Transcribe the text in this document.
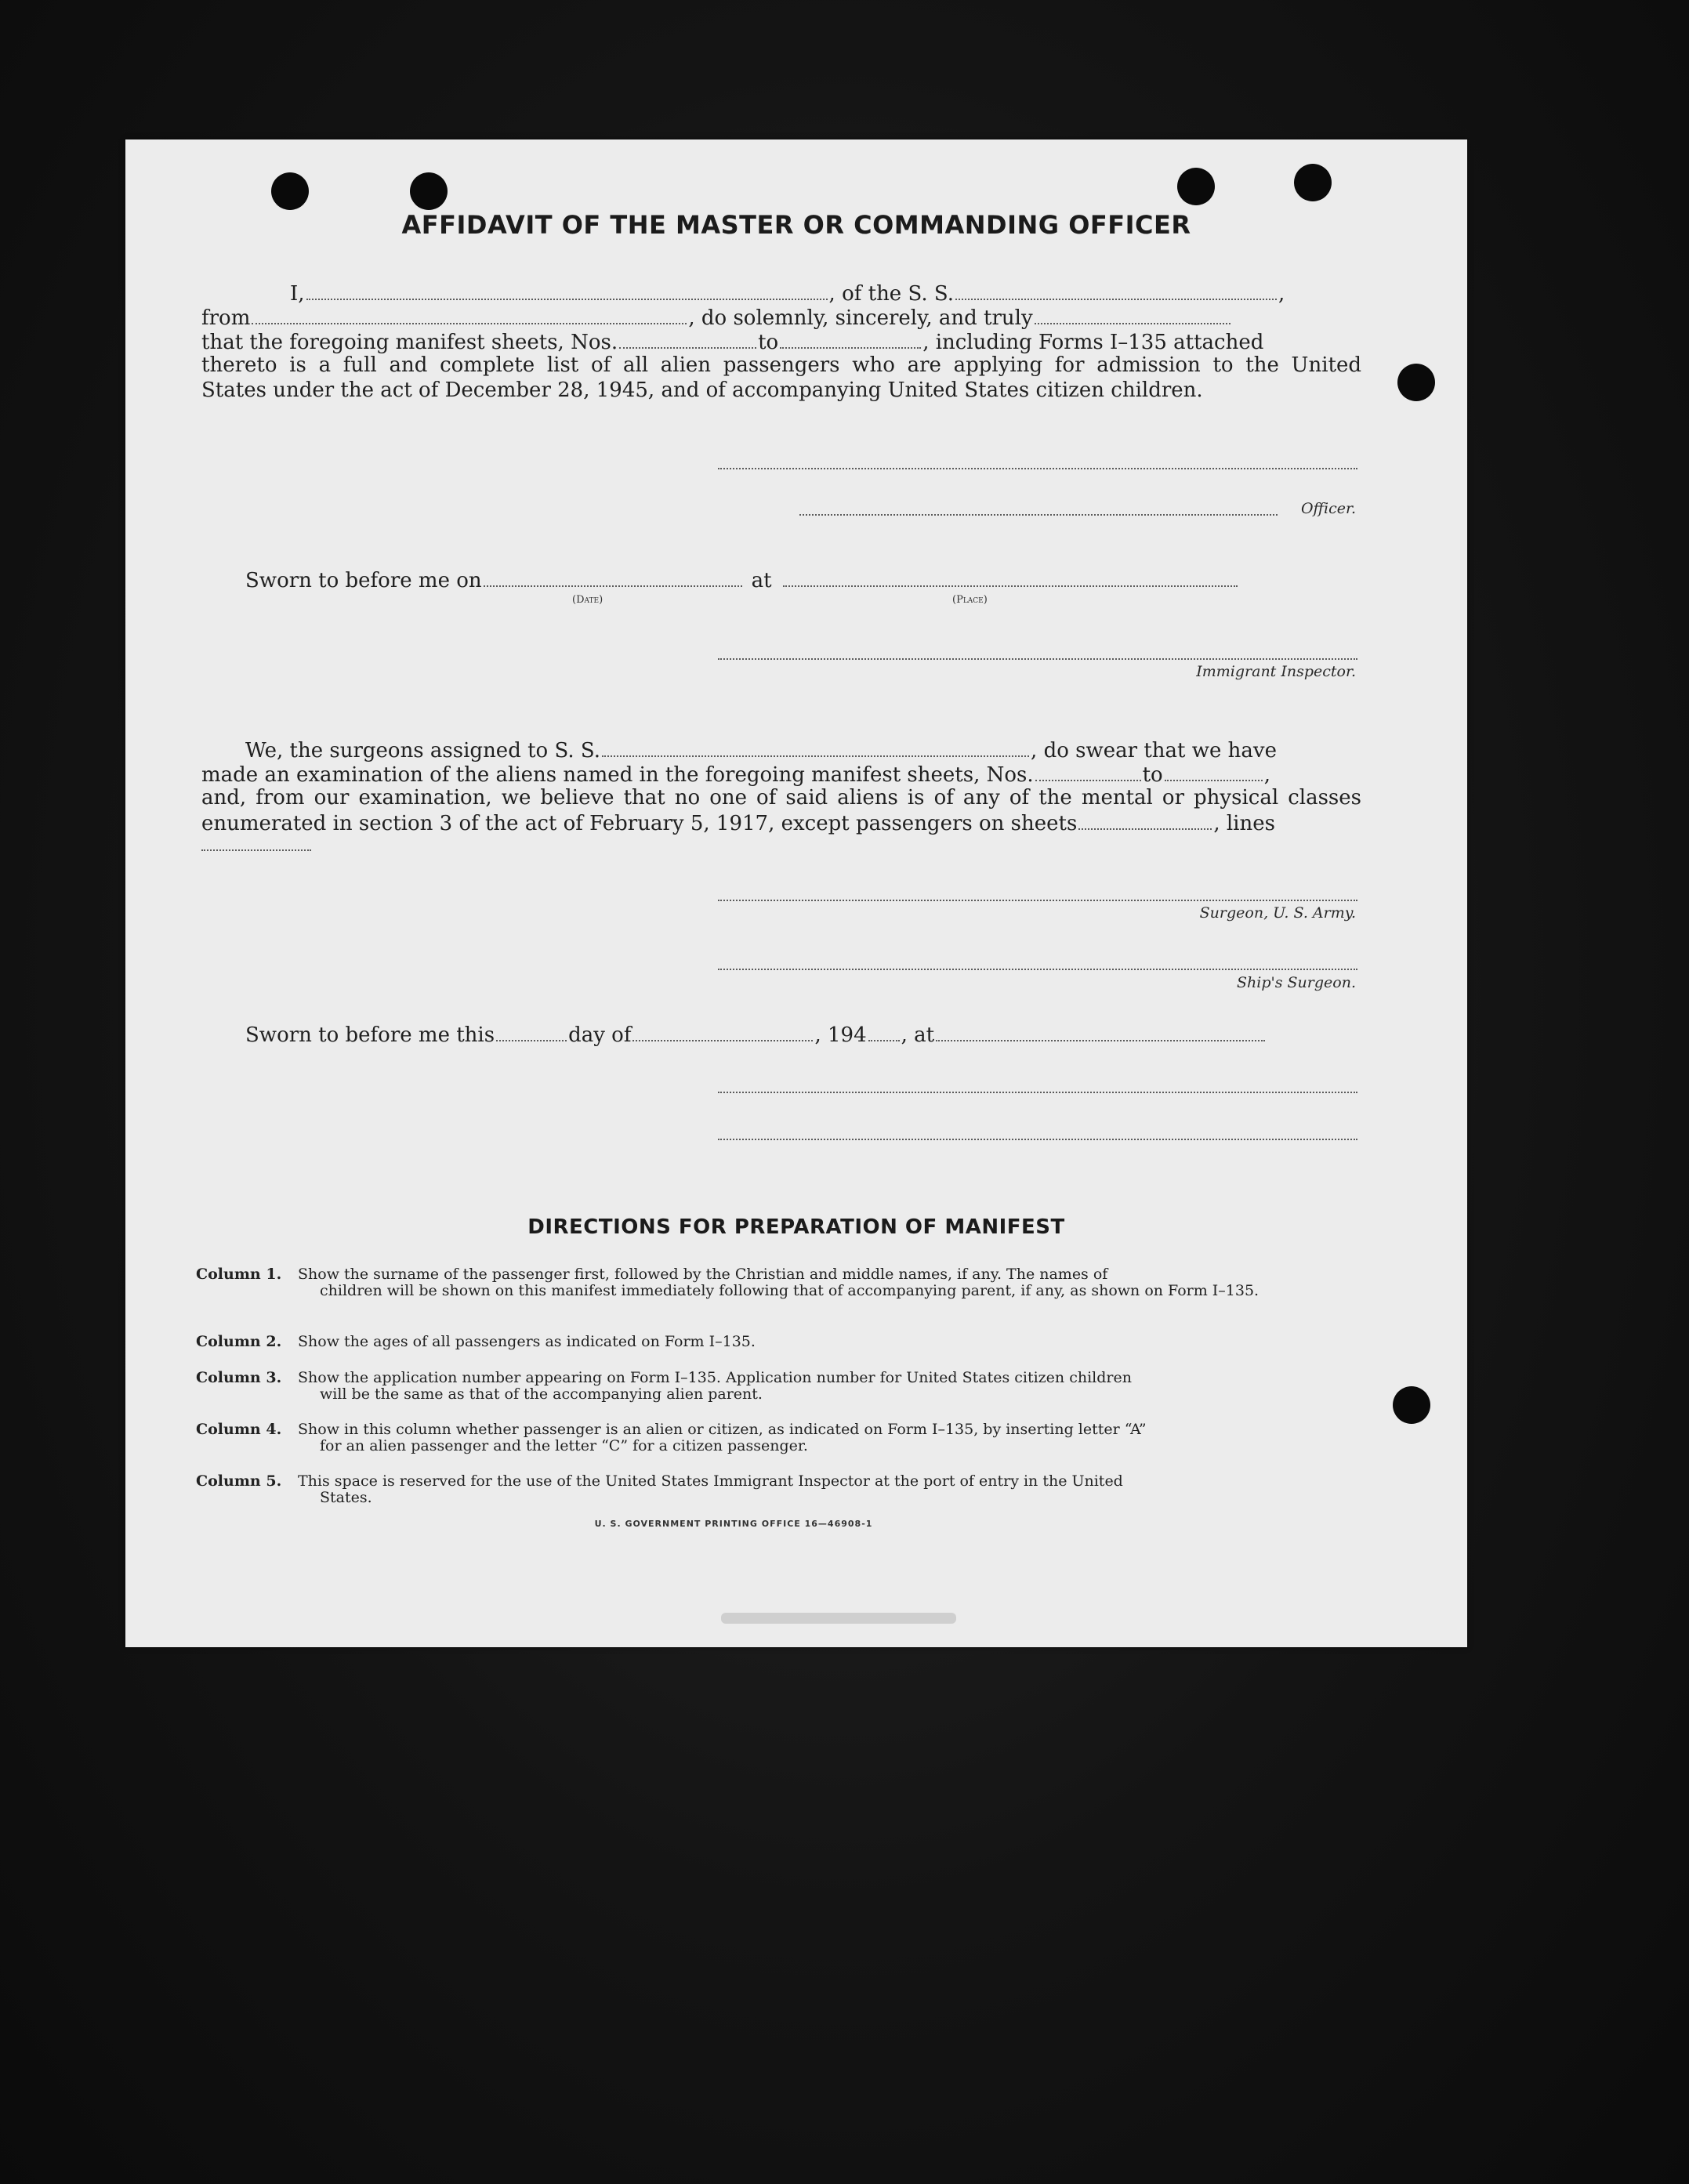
AFFIDAVIT OF THE MASTER OR COMMANDING OFFICER
I,	, of the S. S.	,
from	, do solemnly, sincerely, and truly
that the foregoing manifest sheets, Nos.	to	, including Forms I–135 attached
thereto is a full and complete list of all alien passengers who are applying for admission to the United
States under the act of December 28, 1945, and of accompanying United States citizen children.
Officer.
Sworn to before me on	at
(Date)	(Place)
Immigrant Inspector.
We, the surgeons assigned to S. S.	, do swear that we have
made an examination of the aliens named in the foregoing manifest sheets, Nos.	to	,
and, from our examination, we believe that no one of said aliens is of any of the mental or physical classes
enumerated in section 3 of the act of February 5, 1917, except passengers on sheets	, lines
Surgeon, U. S. Army.
Ship's Surgeon.
Sworn to before me this	day of	, 194 , at
DIRECTIONS FOR PREPARATION OF MANIFEST
Column 1.	Show the surname of the passenger first, followed by the Christian and middle names, if any. The names of
children will be shown on this manifest immediately following that of accompanying parent, if any, as shown on Form I–135.
Column 2.	Show the ages of all passengers as indicated on Form I–135.
Column 3.	Show the application number appearing on Form I–135. Application number for United States citizen children
will be the same as that of the accompanying alien parent.
Column 4.	Show in this column whether passenger is an alien or citizen, as indicated on Form I–135, by inserting letter “A”
for an alien passenger and the letter “C” for a citizen passenger.
Column 5.	This space is reserved for the use of the United States Immigrant Inspector at the port of entry in the United
States.
U. S. GOVERNMENT PRINTING OFFICE 16—46908-1
